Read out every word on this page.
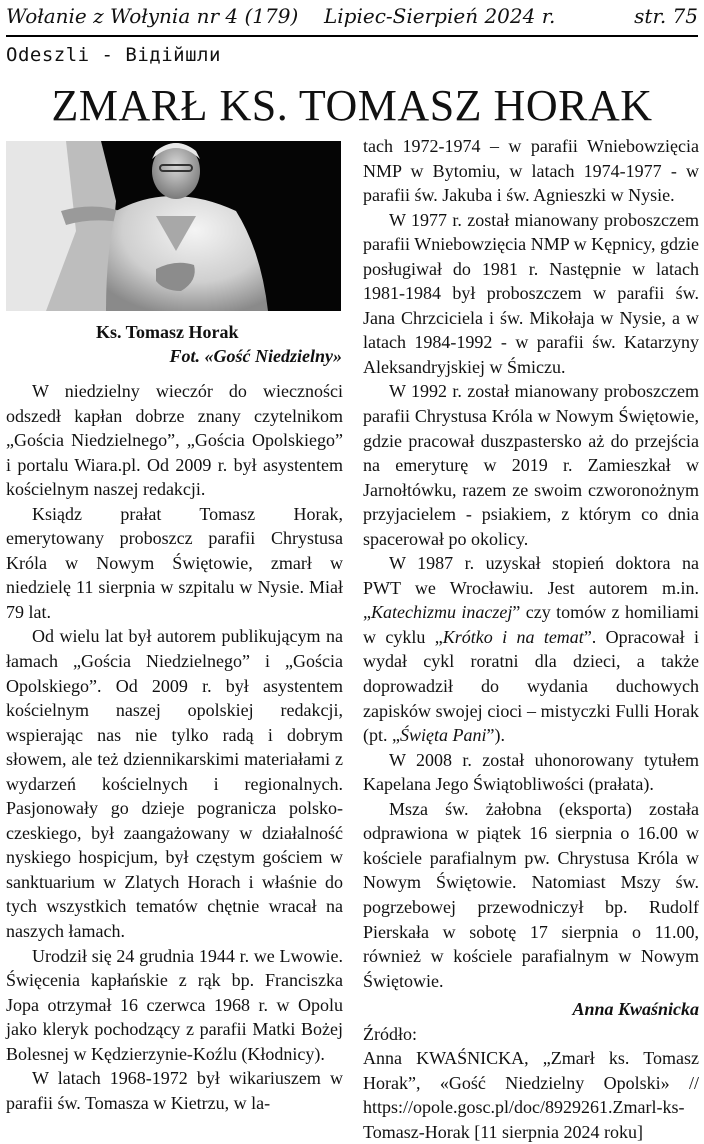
Wołanie z Wołynia nr 4 (179) Lipiec-Sierpień 2024 r.	str. 75
Odeszli - Відійшли
ZMARŁ KS. TOMASZ HORAK
Ks. Tomasz Horak
Fot. «Gość Niedzielny»

W niedzielny wieczór do wieczności odszedł kapłan dobrze znany czytelnikom „Gościa Niedzielnego”, „Gościa Opolskiego” i portalu Wiara.pl. Od 2009 r. był asystentem kościelnym naszej redakcji.

Ksiądz prałat Tomasz Horak, emerytowany proboszcz parafii Chrystusa Króla w Nowym Świętowie, zmarł w niedzielę 11 sierpnia w szpitalu w Nysie. Miał 79 lat.

Od wielu lat był autorem publikującym na łamach „Gościa Niedzielnego” i „Gościa Opolskiego”. Od 2009 r. był asystentem kościelnym naszej opolskiej redakcji, wspierając nas nie tylko radą i dobrym słowem, ale też dziennikarskimi materiałami z wydarzeń kościelnych i regionalnych. Pasjonowały go dzieje pogranicza polsko-czeskiego, był zaangażowany w działalność nyskiego hospicjum, był częstym gościem w sanktuarium w Zlatych Horach i właśnie do tych wszystkich tematów chętnie wracał na naszych łamach.

Urodził się 24 grudnia 1944 r. we Lwowie. Święcenia kapłańskie z rąk bp. Franciszka Jopa otrzymał 16 czerwca 1968 r. w Opolu jako kleryk pochodzący z parafii Matki Bożej Bolesnej w Kędzierzynie-Koźlu (Kłodnicy).

W latach 1968-1972 był wikariuszem w parafii św. Tomasza w Kietrzu, w la-

tach 1972-1974 – w parafii Wniebowzięcia NMP w Bytomiu, w latach 1974-1977 - w parafii św. Jakuba i św. Agnieszki w Nysie.

W 1977 r. został mianowany proboszczem parafii Wniebowzięcia NMP w Kępnicy, gdzie posługiwał do 1981 r. Następnie w latach 1981-1984 był proboszczem w parafii św. Jana Chrzciciela i św. Mikołaja w Nysie, a w latach 1984-1992 - w parafii św. Katarzyny Aleksandryjskiej w Śmiczu.

W 1992 r. został mianowany proboszczem parafii Chrystusa Króla w Nowym Świętowie, gdzie pracował duszpastersko aż do przejścia na emeryturę w 2019 r. Zamieszkał w Jarnołtówku, razem ze swoim czworonożnym przyjacielem - psiakiem, z którym co dnia spacerował po okolicy.

W 1987 r. uzyskał stopień doktora na PWT we Wrocławiu. Jest autorem m.in. „Katechizmu inaczej” czy tomów z homiliami w cyklu „Krótko i na temat”. Opracował i wydał cykl roratni dla dzieci, a także doprowadził do wydania duchowych zapisków swojej cioci – mistyczki Fulli Horak (pt. „Święta Pani”).

W 2008 r. został uhonorowany tytułem Kapelana Jego Świątobliwości (prałata).

Msza św. żałobna (eksporta) została odprawiona w piątek 16 sierpnia o 16.00 w kościele parafialnym pw. Chrystusa Króla w Nowym Świętowie. Natomiast Mszy św. pogrzebowej przewodniczył bp. Rudolf Pierskała w sobotę 17 sierpnia o 11.00, również w kościele parafialnym w Nowym Świętowie.

Anna Kwaśnicka

Źródło:

Anna KWAŚNICKA, „Zmarł ks. Tomasz Horak”, «Gość Niedzielny Opolski» // https://opole.gosc.pl/doc/8929261.Zmarl-ks-Tomasz-Horak [11 sierpnia 2024 roku]
